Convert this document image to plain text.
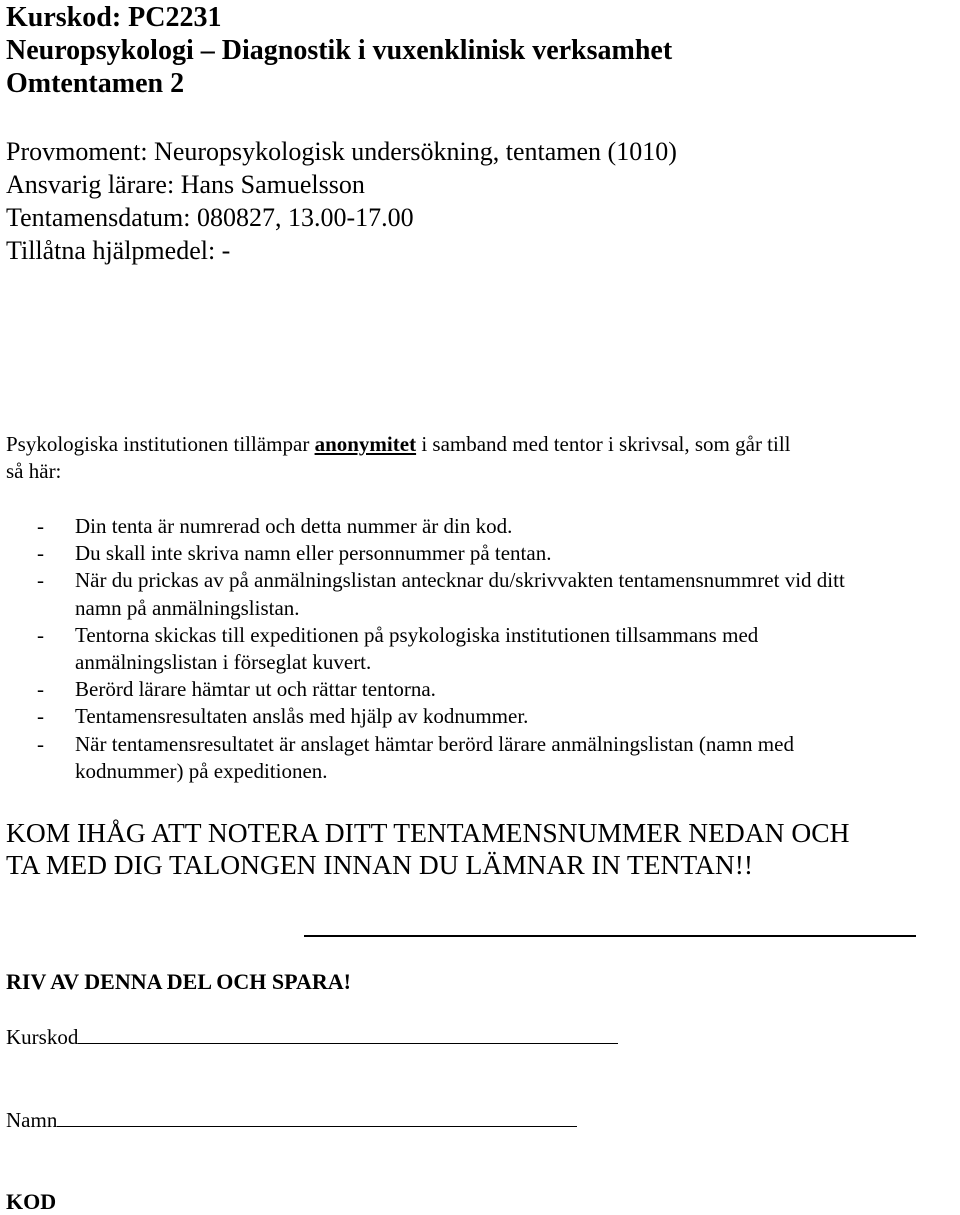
Kurskod: PC2231
Neuropsykologi – Diagnostik i vuxenklinisk verksamhet
Omtentamen 2
Provmoment: Neuropsykologisk undersökning, tentamen (1010)
Ansvarig lärare: Hans Samuelsson
Tentamensdatum: 080827, 13.00-17.00
Tillåtna hjälpmedel: -
Psykologiska institutionen tillämpar anonymitet i samband med tentor i skrivsal, som går till
så här:
- Din tenta är numrerad och detta nummer är din kod.
- Du skall inte skriva namn eller personnummer på tentan.
- När du prickas av på anmälningslistan antecknar du/skrivvakten tentamensnummret vid ditt
namn på anmälningslistan.
- Tentorna skickas till expeditionen på psykologiska institutionen tillsammans med
anmälningslistan i förseglat kuvert.
- Berörd lärare hämtar ut och rättar tentorna.
- Tentamensresultaten anslås med hjälp av kodnummer.
- När tentamensresultatet är anslaget hämtar berörd lärare anmälningslistan (namn med
kodnummer) på expeditionen.
KOM IHÅG ATT NOTERA DITT TENTAMENSNUMMER NEDAN OCH
TA MED DIG TALONGEN INNAN DU LÄMNAR IN TENTAN!!
RIV AV DENNA DEL OCH SPARA!
Kurskod
Namn
KOD
